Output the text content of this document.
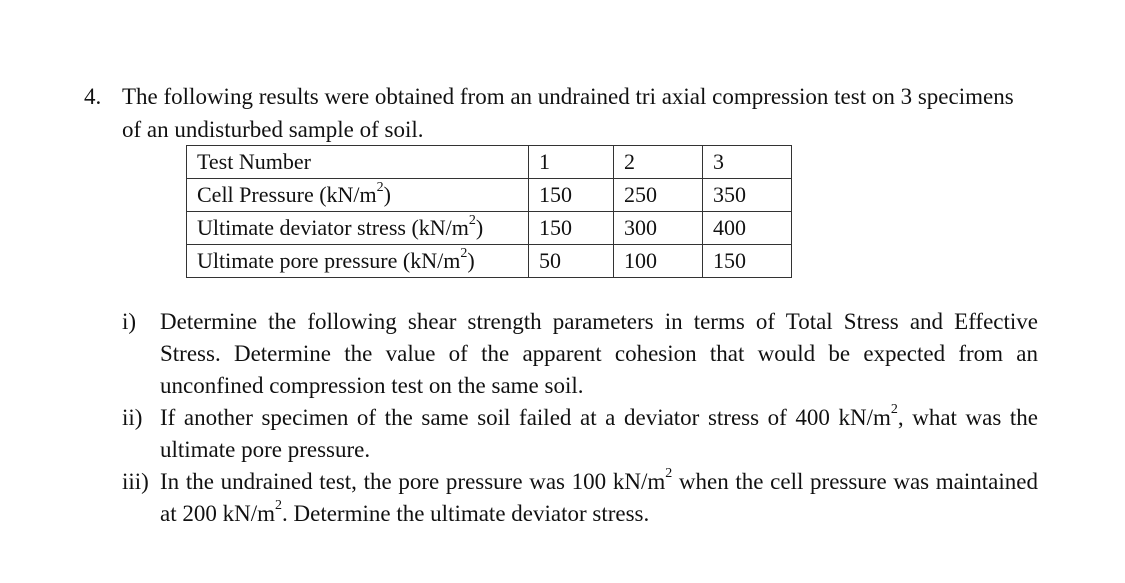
4. The following results were obtained from an undrained tri axial compression test on 3 specimens of an undisturbed sample of soil.
Test Number	1	2	3
Cell Pressure $(kN/m^2)$	150	250	350
Ultimate deviator stress $(kN/m^2)$	150	300	400
Ultimate pore pressure $(kN/m^2)$	50	100	150
i) Determine the following shear strength parameters in terms of Total Stress and Effective Stress. Determine the value of the apparent cohesion that would be expected from an unconfined compression test on the same soil.
ii) If another specimen of the same soil failed at a deviator stress of 400 $kN/m^2$, what was the ultimate pore pressure.
iii) In the undrained test, the pore pressure was 100 $kN/m^2$ when the cell pressure was maintained at 200 $kN/m^2$. Determine the ultimate deviator stress.
